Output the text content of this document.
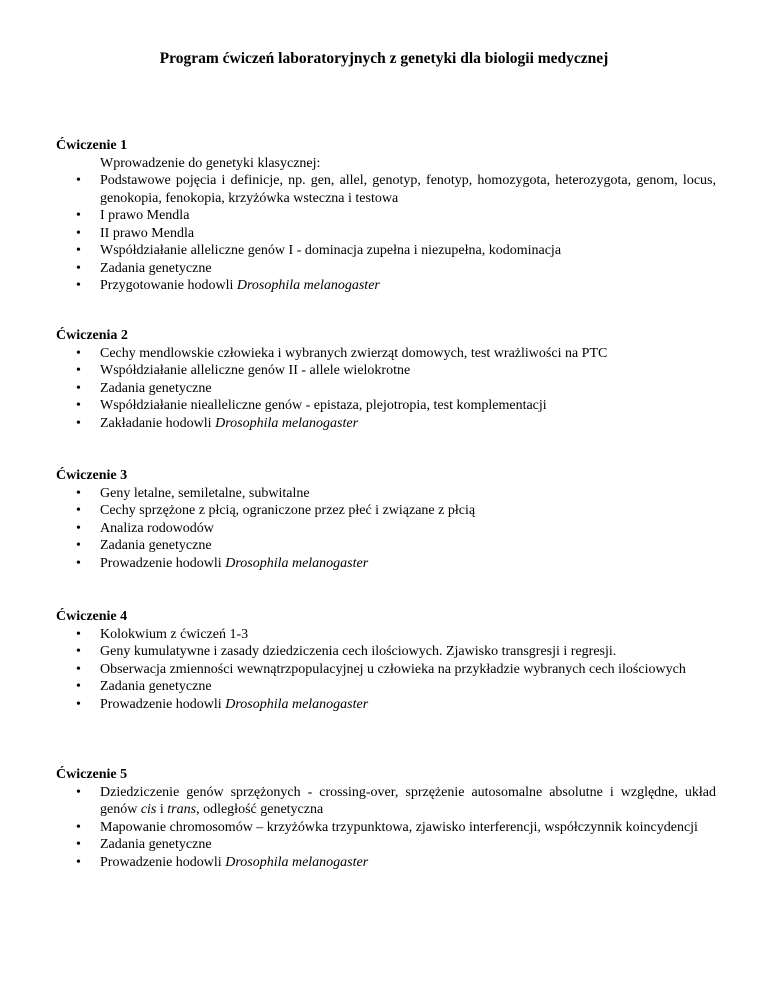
Program ćwiczeń laboratoryjnych z genetyki dla biologii medycznej
Ćwiczenie 1
Wprowadzenie do genetyki klasycznej:
• Podstawowe pojęcia i definicje, np. gen, allel, genotyp, fenotyp, homozygota, heterozygota, genom, locus, genokopia, fenokopia, krzyżówka wsteczna i testowa
• I prawo Mendla
• II prawo Mendla
• Współdziałanie alleliczne genów I - dominacja zupełna i niezupełna, kodominacja
• Zadania genetyczne
• Przygotowanie hodowli Drosophila melanogaster
Ćwiczenia 2
• Cechy mendlowskie człowieka i wybranych zwierząt domowych, test wrażliwości na PTC
• Współdziałanie alleliczne genów II - allele wielokrotne
• Zadania genetyczne
• Współdziałanie niealleliczne genów - epistaza, plejotropia, test komplementacji
• Zakładanie hodowli Drosophila melanogaster
Ćwiczenie 3
• Geny letalne, semiletalne, subwitalne
• Cechy sprzężone z płcią, ograniczone przez płeć i związane z płcią
• Analiza rodowodów
• Zadania genetyczne
• Prowadzenie hodowli Drosophila melanogaster
Ćwiczenie 4
• Kolokwium z ćwiczeń 1-3
• Geny kumulatywne i zasady dziedziczenia cech ilościowych. Zjawisko transgresji i regresji.
• Obserwacja zmienności wewnątrzpopulacyjnej u człowieka na przykładzie wybranych cech ilościowych
• Zadania genetyczne
• Prowadzenie hodowli Drosophila melanogaster
Ćwiczenie 5
• Dziedziczenie genów sprzężonych - crossing-over, sprzężenie autosomalne absolutne i względne, układ genów cis i trans, odległość genetyczna
• Mapowanie chromosomów – krzyżówka trzypunktowa, zjawisko interferencji, współczynnik koincydencji
• Zadania genetyczne
• Prowadzenie hodowli Drosophila melanogaster
